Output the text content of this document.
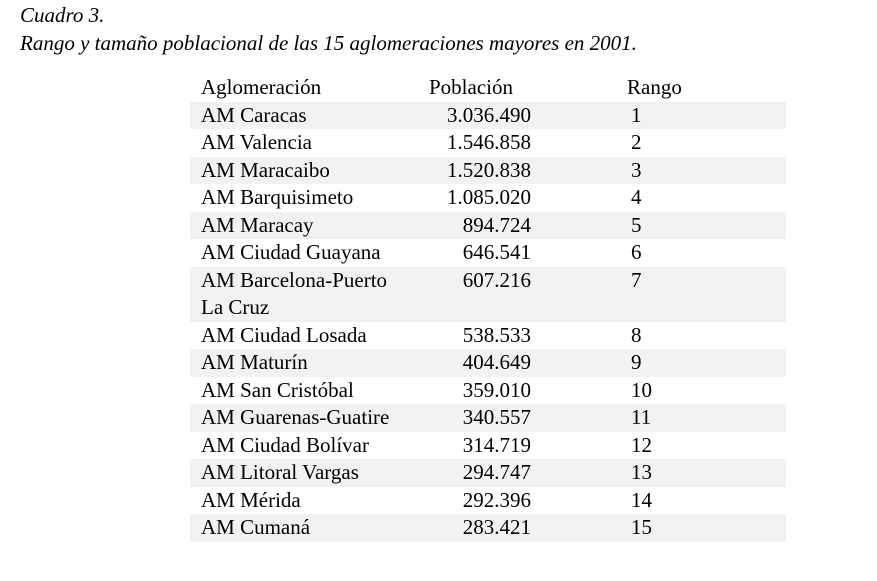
Cuadro 3.
Rango y tamaño poblacional de las 15 aglomeraciones mayores en 2001.
Aglomeración	Población	Rango
AM Caracas	3.036.490	1
AM Valencia	1.546.858	2
AM Maracaibo	1.520.838	3
AM Barquisimeto	1.085.020	4
AM Maracay	894.724	5
AM Ciudad Guayana	646.541	6
AM Barcelona-Puerto
La Cruz	607.216	7
AM Ciudad Losada	538.533	8
AM Maturín	404.649	9
AM San Cristóbal	359.010	10
AM Guarenas-Guatire	340.557	11
AM Ciudad Bolívar	314.719	12
AM Litoral Vargas	294.747	13
AM Mérida	292.396	14
AM Cumaná	283.421	15
